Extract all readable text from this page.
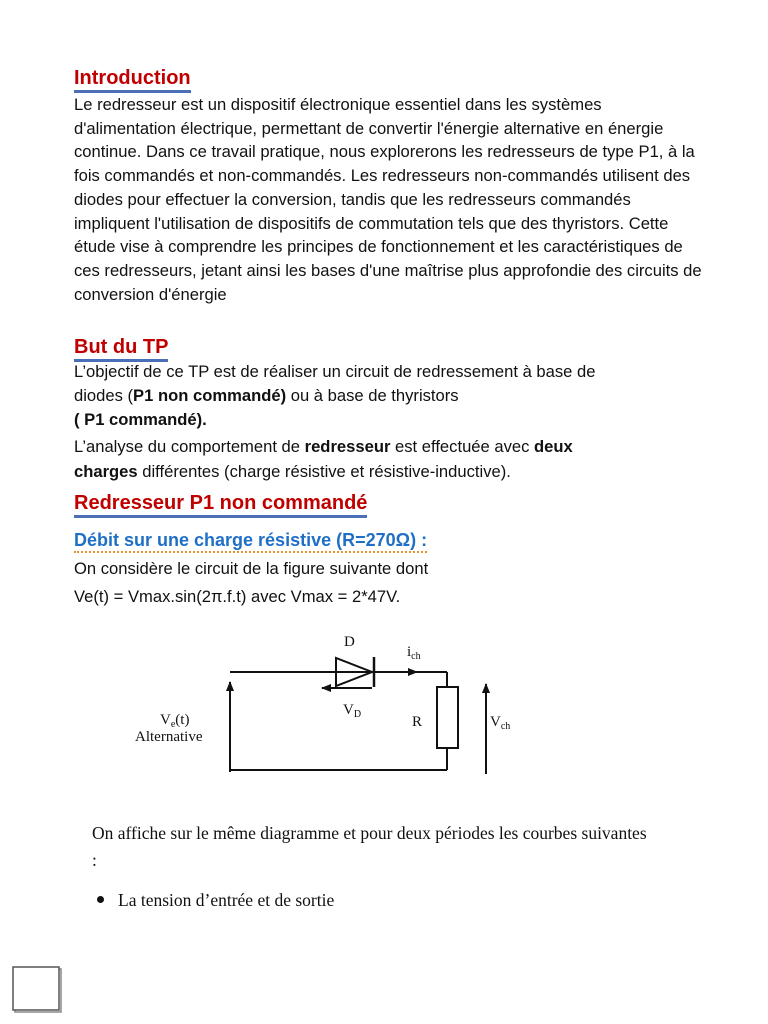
Introduction

Le redresseur est un dispositif électronique essentiel dans les systèmes d'alimentation électrique, permettant de convertir l'énergie alternative en énergie continue. Dans ce travail pratique, nous explorerons les redresseurs de type P1, à la fois commandés et non-commandés. Les redresseurs non-commandés utilisent des diodes pour effectuer la conversion, tandis que les redresseurs commandés impliquent l'utilisation de dispositifs de commutation tels que des thyristors. Cette étude vise à comprendre les principes de fonctionnement et les caractéristiques de ces redresseurs, jetant ainsi les bases d'une maîtrise plus approfondie des circuits de conversion d'énergie

But du TP
L’objectif de ce TP est de réaliser un circuit de redressement à base de
diodes (P1 non commandé) ou à base de thyristors
( P1 commandé).
L’analyse du comportement de redresseur est effectuée avec deux
charges différentes (charge résistive et résistive-inductive).
Redresseur P1 non commandé
Débit sur une charge résistive (R=270Ω) :
On considère le circuit de la figure suivante dont
Ve(t) = Vmax.sin(2π.f.t) avec Vmax = 2*47V.
D
$i_{ch}$
$V_D$	R	$V_{ch}$
$V_e(t)$
Alternative

On affiche sur le même diagramme et pour deux périodes les courbes suivantes :

La tension d’entrée et de sortie
